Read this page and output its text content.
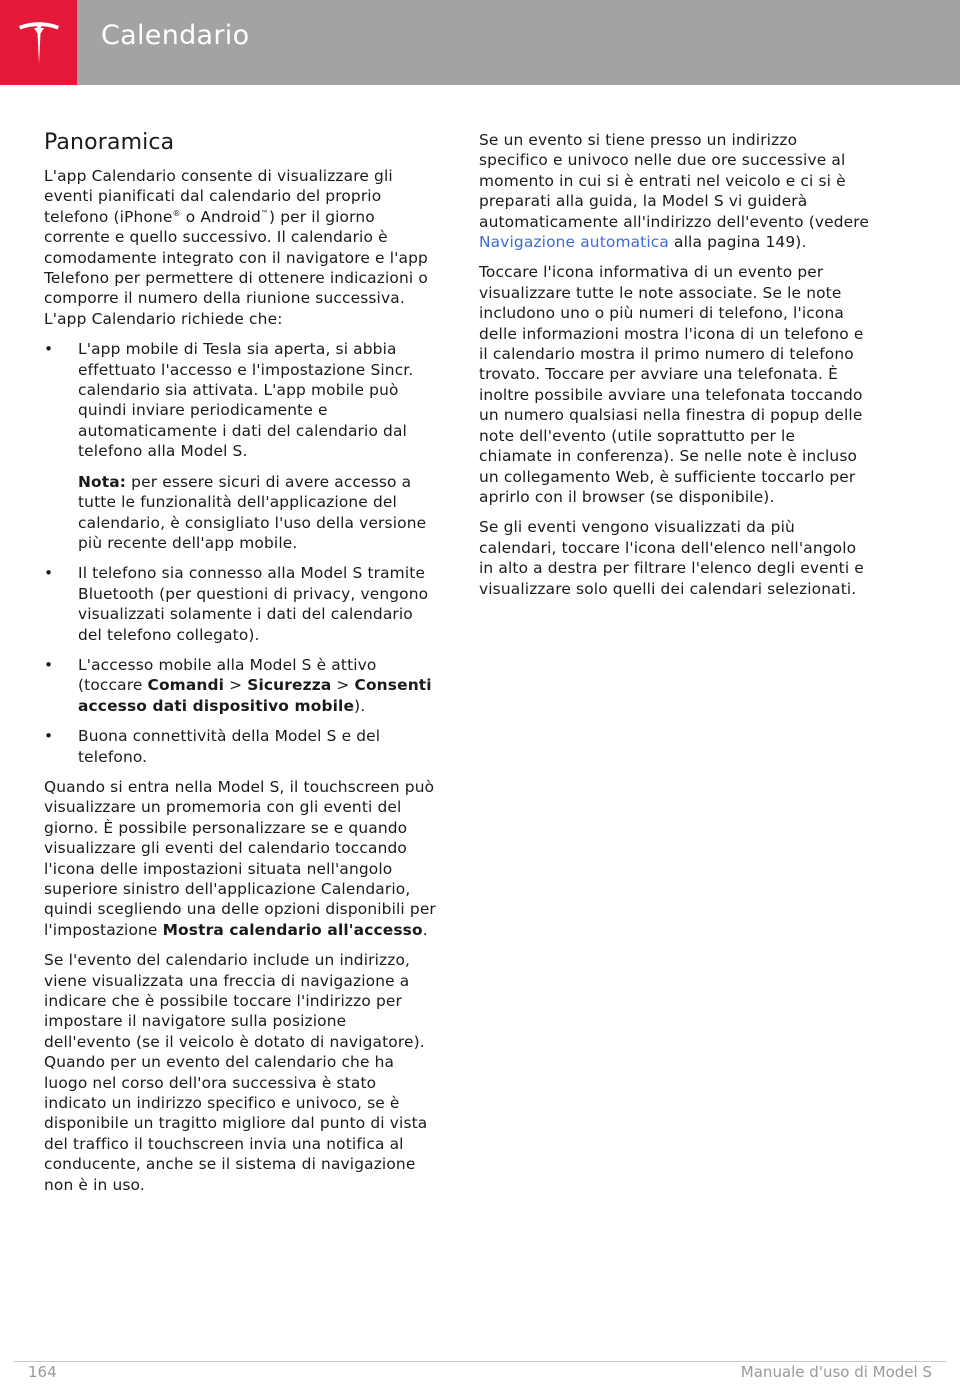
Calendario
Panoramica

L'app Calendario consente di visualizzare gli eventi pianificati dal calendario del proprio telefono (iPhone® o Android™) per il giorno corrente e quello successivo. Il calendario è comodamente integrato con il navigatore e l'app Telefono per permettere di ottenere indicazioni o comporre il numero della riunione successiva. L'app Calendario richiede che:

•	L'app mobile di Tesla sia aperta, si abbia effettuato l'accesso e l'impostazione Sincr. calendario sia attivata. L'app mobile può quindi inviare periodicamente e automaticamente i dati del calendario dal telefono alla Model S.

Nota: per essere sicuri di avere accesso a tutte le funzionalità dell'applicazione del calendario, è consigliato l'uso della versione più recente dell'app mobile.

•	Il telefono sia connesso alla Model S tramite Bluetooth (per questioni di privacy, vengono visualizzati solamente i dati del calendario del telefono collegato).
•	L'accesso mobile alla Model S è attivo (toccare Comandi > Sicurezza > Consenti accesso dati dispositivo mobile).
•	Buona connettività della Model S e del telefono.

Quando si entra nella Model S, il touchscreen può visualizzare un promemoria con gli eventi del giorno. È possibile personalizzare se e quando visualizzare gli eventi del calendario toccando l'icona delle impostazioni situata nell'angolo superiore sinistro dell'applicazione Calendario, quindi scegliendo una delle opzioni disponibili per l'impostazione Mostra calendario all'accesso.

Se l'evento del calendario include un indirizzo, viene visualizzata una freccia di navigazione a indicare che è possibile toccare l'indirizzo per impostare il navigatore sulla posizione dell'evento (se il veicolo è dotato di navigatore). Quando per un evento del calendario che ha luogo nel corso dell'ora successiva è stato indicato un indirizzo specifico e univoco, se è disponibile un tragitto migliore dal punto di vista del traffico il touchscreen invia una notifica al conducente, anche se il sistema di navigazione non è in uso.

Se un evento si tiene presso un indirizzo specifico e univoco nelle due ore successive al momento in cui si è entrati nel veicolo e ci si è preparati alla guida, la Model S vi guiderà automaticamente all'indirizzo dell'evento (vedere Navigazione automatica alla pagina 149).

Toccare l'icona informativa di un evento per visualizzare tutte le note associate. Se le note includono uno o più numeri di telefono, l'icona delle informazioni mostra l'icona di un telefono e il calendario mostra il primo numero di telefono trovato. Toccare per avviare una telefonata. È inoltre possibile avviare una telefonata toccando un numero qualsiasi nella finestra di popup delle note dell'evento (utile soprattutto per le chiamate in conferenza). Se nelle note è incluso un collegamento Web, è sufficiente toccarlo per aprirlo con il browser (se disponibile).

Se gli eventi vengono visualizzati da più calendari, toccare l'icona dell'elenco nell'angolo in alto a destra per filtrare l'elenco degli eventi e visualizzare solo quelli dei calendari selezionati.

164	Manuale d'uso di Model S
